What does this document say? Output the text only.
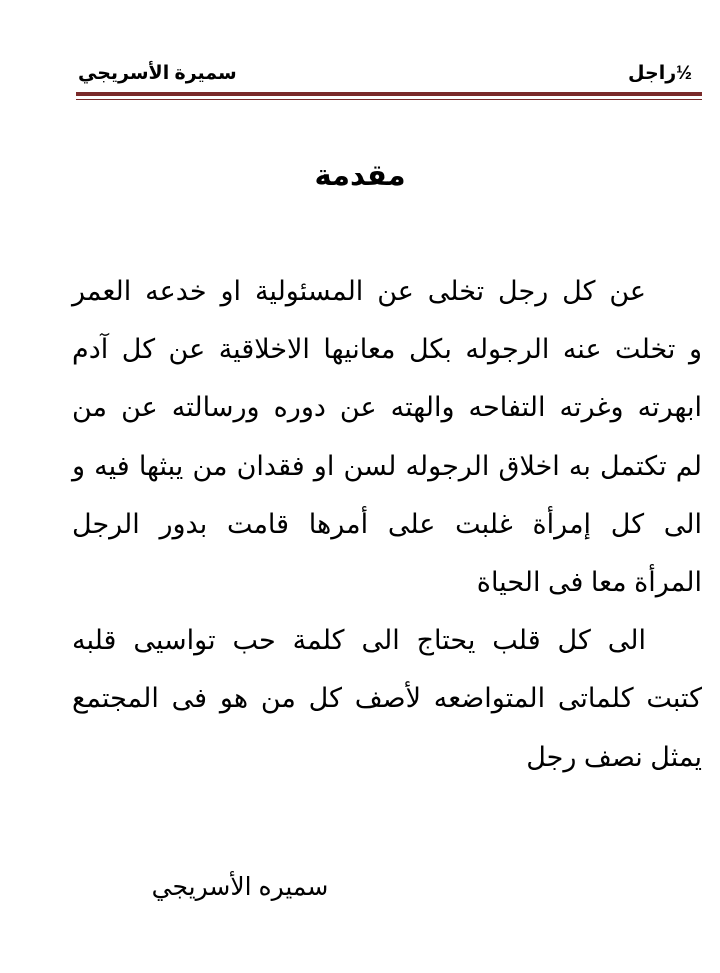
سميرة الأسريجي	½راجل
مقدمة
عن كل رجل تخلى عن المسئولية او خدعه العمر
و تخلت عنه الرجوله بكل معانيها الاخلاقية عن كل آدم
ابهرته وغرته التفاحه والهته عن دوره ورسالته عن من
لم تكتمل به اخلاق الرجوله لسن او فقدان من يبثها فيه و
الى كل إمرأة غلبت على أمرها قامت بدور الرجل
المرأة معا فى الحياة
الى كل قلب يحتاج الى كلمة حب تواسيى قلبه
كتبت كلماتى المتواضعه لأصف كل من هو فى المجتمع
يمثل نصف رجل
سميره الأسريجي
